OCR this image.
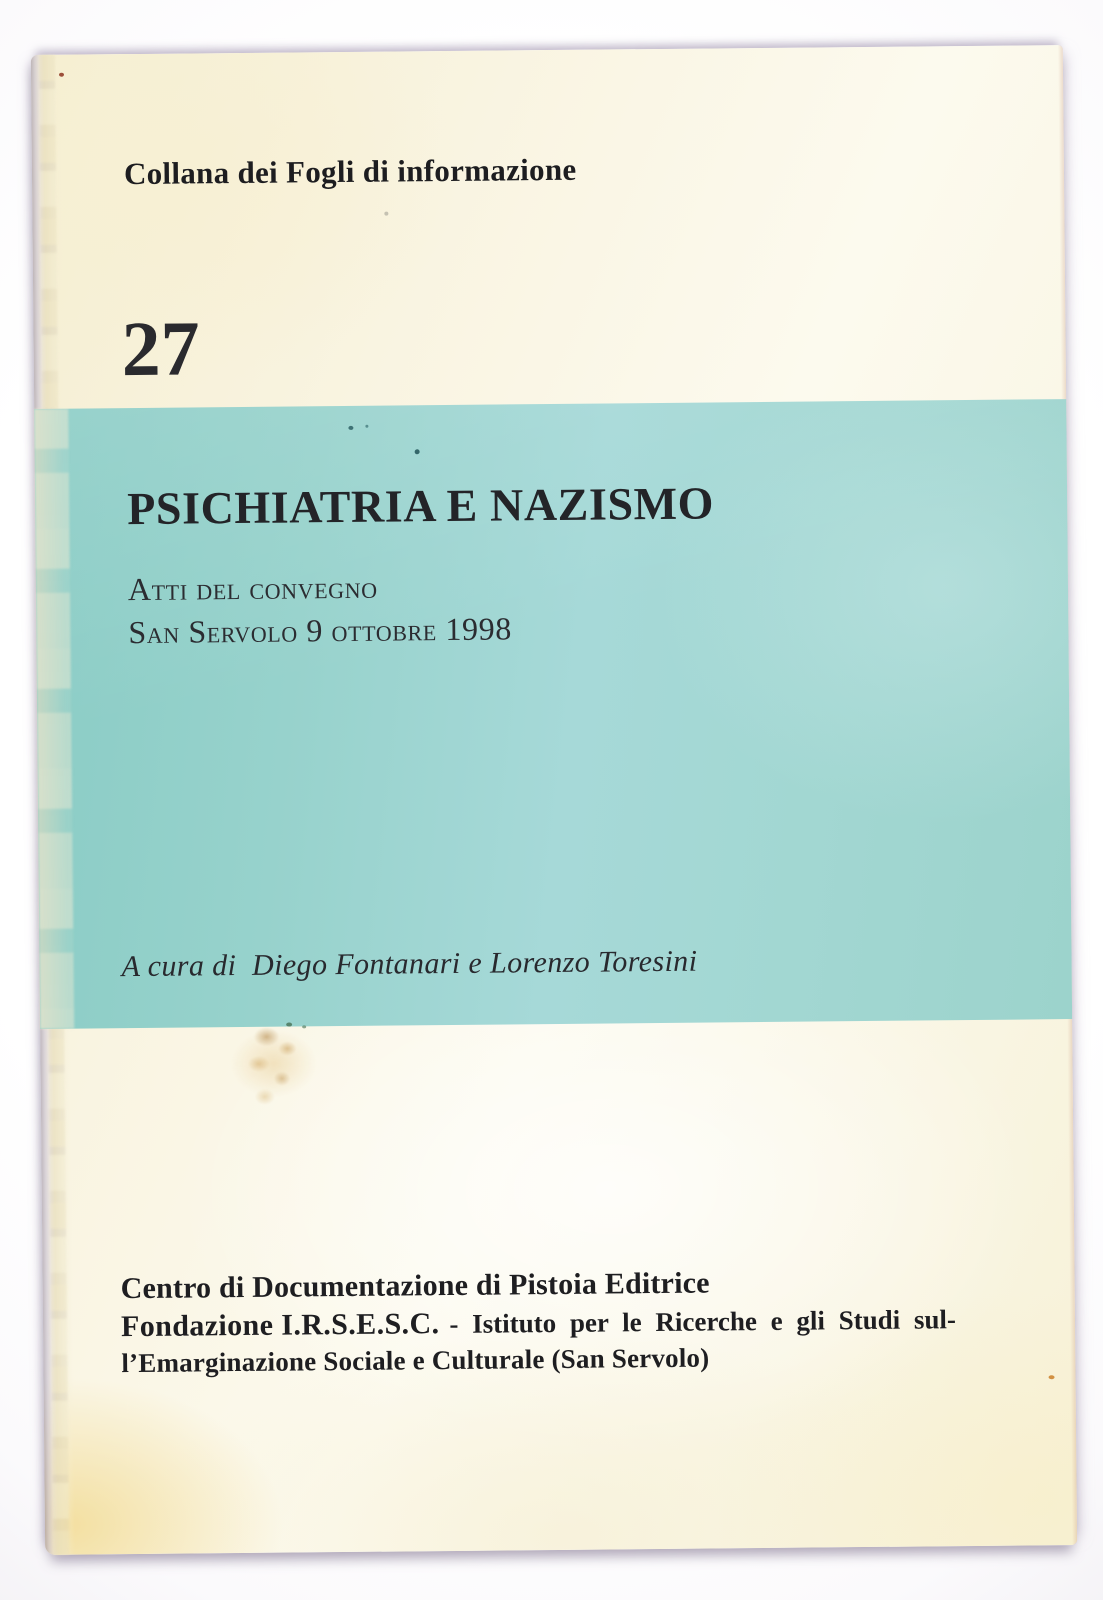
Collana dei Fogli di informazione
27
PSICHIATRIA E NAZISMO
Atti del convegno
San Servolo 9 ottobre 1998
A cura di  Diego Fontanari e Lorenzo Toresini
Centro di Documentazione di Pistoia Editrice
Fondazione I.R.S.E.S.C. - Istituto per le Ricerche e gli Studi sul-
l’Emarginazione Sociale e Culturale (San Servolo)
